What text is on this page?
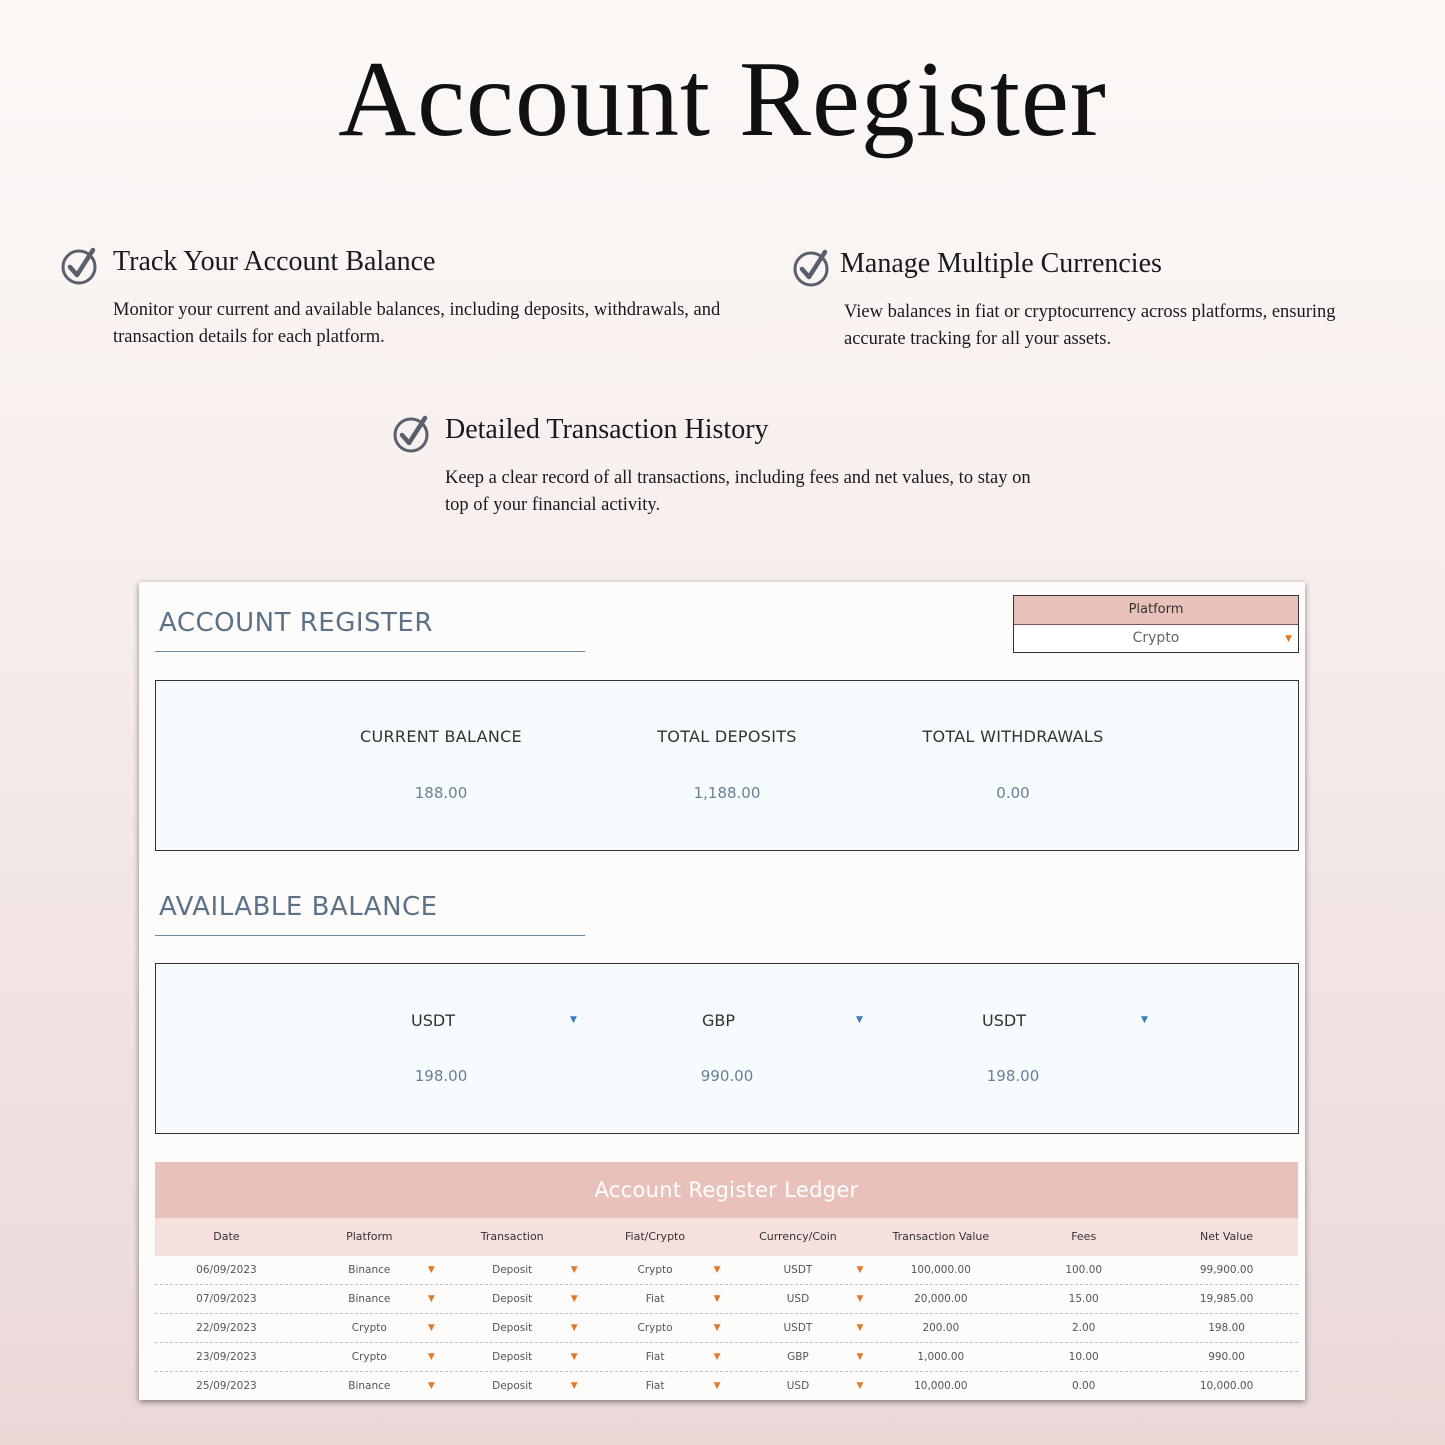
Account Register
Track Your Account Balance
Monitor your current and available balances, including deposits, withdrawals, and transaction details for each platform.
Manage Multiple Currencies
View balances in fiat or cryptocurrency across platforms, ensuring accurate tracking for all your assets.
Detailed Transaction History
Keep a clear record of all transactions, including fees and net values, to stay on top of your financial activity.
ACCOUNT REGISTER	Platform
Crypto	▼
CURRENT BALANCE
188.00
TOTAL DEPOSITS
1,188.00
TOTAL WITHDRAWALS
0.00
AVAILABLE BALANCE
USDT	▼
198.00
GBP	▼
990.00
USDT	▼
198.00
Account Register Ledger
Date	Platform	Transaction	Fiat/Crypto	Currency/Coin	Transaction Value	Fees	Net Value
06/09/2023	Binance	▼	Deposit	▼	Crypto	▼	USDT	▼	100,000.00	100.00	99,900.00
07/09/2023	Binance	▼	Deposit	▼	Fiat	▼	USD	▼	20,000.00	15.00	19,985.00
22/09/2023	Crypto	▼	Deposit	▼	Crypto	▼	USDT	▼	200.00	2.00	198.00
23/09/2023	Crypto	▼	Deposit	▼	Fiat	▼	GBP	▼	1,000.00	10.00	990.00
25/09/2023	Binance	▼	Deposit	▼	Fiat	▼	USD	▼	10,000.00	0.00	10,000.00
